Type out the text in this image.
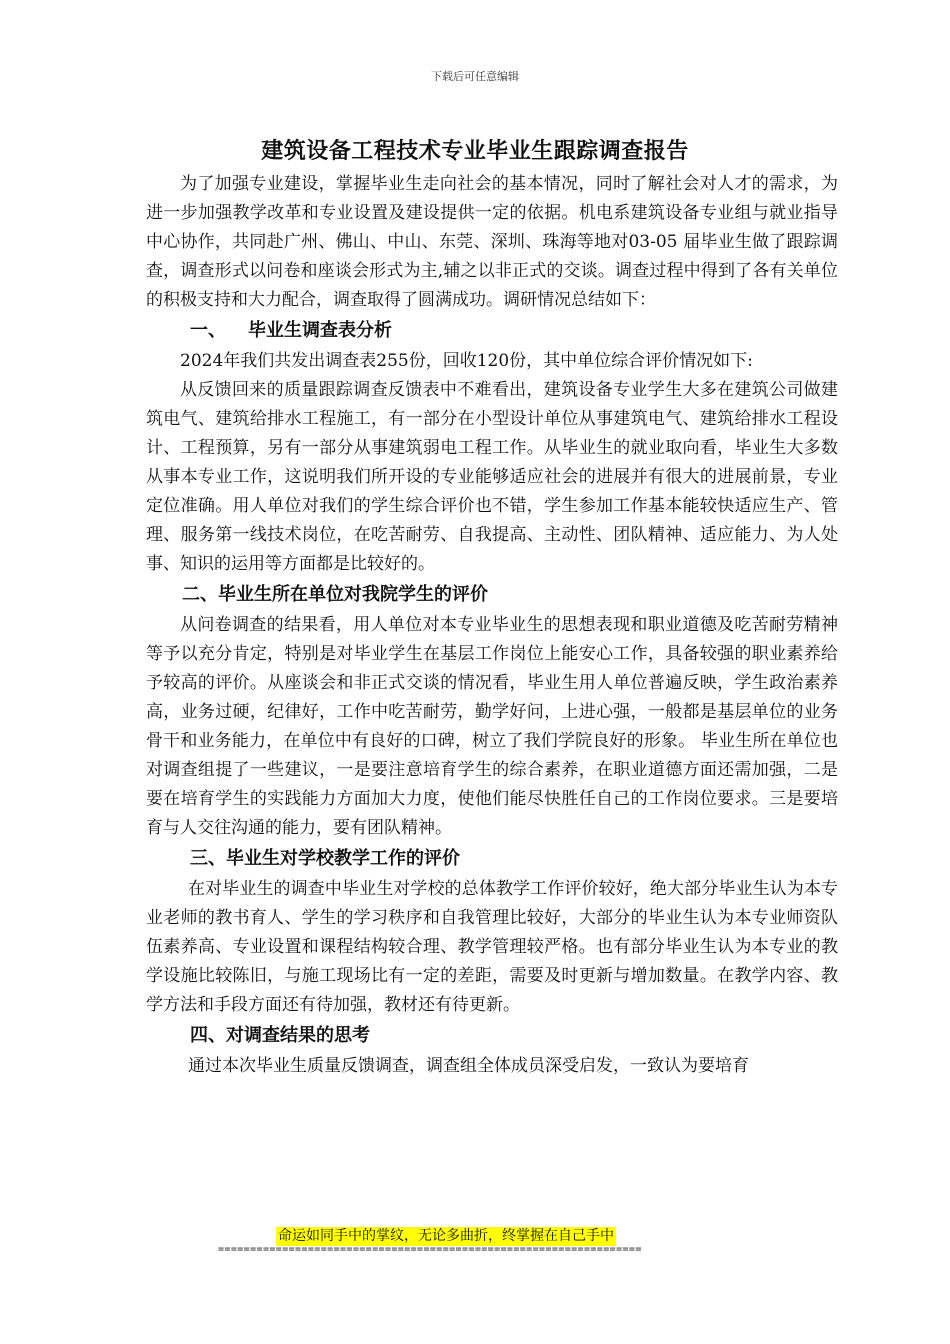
下载后可任意编辑
建筑设备工程技术专业毕业生跟踪调查报告

为了加强专业建设，掌握毕业生走向社会的基本情况，同时了解社会对人才的需求，为进一步加强教学改革和专业设置及建设提供一定的依据。机电系建筑设备专业组与就业指导中心协作，共同赴广州、佛山、中山、东莞、深圳、珠海等地对03-05 届毕业生做了跟踪调查，调查形式以问卷和座谈会形式为主,辅之以非正式的交谈。调查过程中得到了各有关单位的积极支持和大力配合，调查取得了圆满成功。调研情况总结如下：

一、 毕业生调查表分析

2024年我们共发出调查表255份，回收120份，其中单位综合评价情况如下:

从反馈回来的质量跟踪调查反馈表中不难看出，建筑设备专业学生大多在建筑公司做建筑电气、建筑给排水工程施工，有一部分在小型设计单位从事建筑电气、建筑给排水工程设计、工程预算，另有一部分从事建筑弱电工程工作。从毕业生的就业取向看，毕业生大多数从事本专业工作，这说明我们所开设的专业能够适应社会的进展并有很大的进展前景，专业定位准确。用人单位对我们的学生综合评价也不错，学生参加工作基本能较快适应生产、管理、服务第一线技术岗位，在吃苦耐劳、自我提高、主动性、团队精神、适应能力、为人处事、知识的运用等方面都是比较好的。

二、毕业生所在单位对我院学生的评价

从问卷调查的结果看，用人单位对本专业毕业生的思想表现和职业道德及吃苦耐劳精神等予以充分肯定，特别是对毕业学生在基层工作岗位上能安心工作，具备较强的职业素养给予较高的评价。从座谈会和非正式交谈的情况看，毕业生用人单位普遍反映，学生政治素养高，业务过硬，纪律好，工作中吃苦耐劳，勤学好问，上进心强，一般都是基层单位的业务骨干和业务能力，在单位中有良好的口碑，树立了我们学院良好的形象。 毕业生所在单位也对调查组提了一些建议，一是要注意培育学生的综合素养，在职业道德方面还需加强，二是要在培育学生的实践能力方面加大力度，使他们能尽快胜任自己的工作岗位要求。三是要培育与人交往沟通的能力，要有团队精神。

三、毕业生对学校教学工作的评价

在对毕业生的调查中毕业生对学校的总体教学工作评价较好，绝大部分毕业生认为本专业老师的教书育人、学生的学习秩序和自我管理比较好，大部分的毕业生认为本专业师资队伍素养高、专业设置和课程结构较合理、教学管理较严格。也有部分毕业生认为本专业的教学设施比较陈旧，与施工现场比有一定的差距，需要及时更新与增加数量。在教学内容、教学方法和手段方面还有待加强，教材还有待更新。

四、对调查结果的思考

通过本次毕业生质量反馈调查，调查组全体成员深受启发，一致认为要培育

命运如同手中的掌纹，无论多曲折，终掌握在自己手中
==================================================================
